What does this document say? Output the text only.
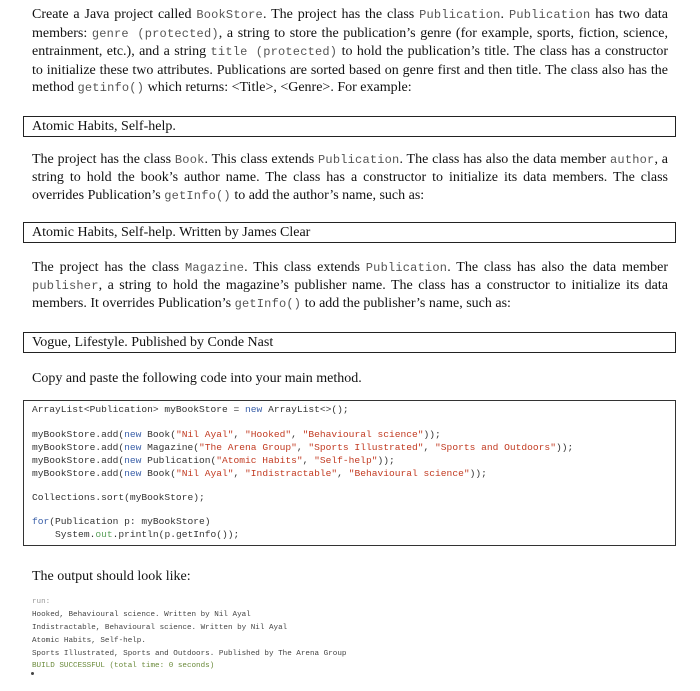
Create a Java project called BookStore. The project has the class Publication. Publication has two data members: genre (protected), a string to store the publication’s genre (for example, sports, fiction, science, entrainment, etc.), and a string title (protected) to hold the publication’s title. The class has a constructor to initialize these two attributes. Publications are sorted based on genre first and then title. The class also has the method getinfo() which returns: <Title>, <Genre>. For example:
Atomic Habits, Self-help.
The project has the class Book. This class extends Publication. The class has also the data member author, a string to hold the book’s author name. The class has a constructor to initialize its data members. The class overrides Publication’s getInfo() to add the author’s name, such as:
Atomic Habits, Self-help. Written by James Clear
The project has the class Magazine. This class extends Publication. The class has also the data member publisher, a string to hold the magazine’s publisher name. The class has a constructor to initialize its data members. It overrides Publication’s getInfo() to add the publisher’s name, such as:
Vogue, Lifestyle. Published by Conde Nast
Copy and paste the following code into your main method.
ArrayList<Publication> myBookStore = new ArrayList<>();
myBookStore.add(new Book("Nil Ayal", "Hooked", "Behavioural science"));
myBookStore.add(new Magazine("The Arena Group", "Sports Illustrated", "Sports and Outdoors"));
myBookStore.add(new Publication("Atomic Habits", "Self-help"));
myBookStore.add(new Book("Nil Ayal", "Indistractable", "Behavioural science"));
Collections.sort(myBookStore);
for(Publication p: myBookStore)
System.out.println(p.getInfo());
The output should look like:
run:
Hooked, Behavioural science. Written by Nil Ayal
Indistractable, Behavioural science. Written by Nil Ayal
Atomic Habits, Self-help.
Sports Illustrated, Sports and Outdoors. Published by The Arena Group
BUILD SUCCESSFUL (total time: 0 seconds)
